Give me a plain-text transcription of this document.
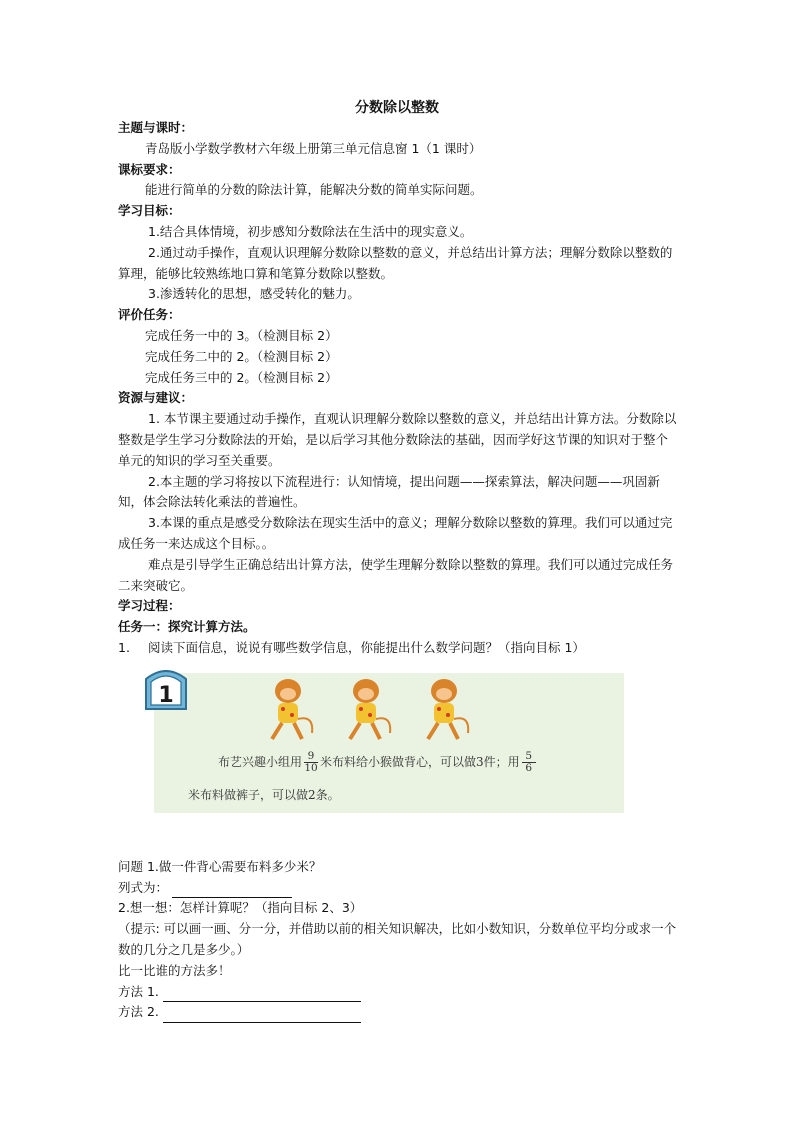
分数除以整数
主题与课时：
青岛版小学数学教材六年级上册第三单元信息窗 1（1 课时）
课标要求：
能进行简单的分数的除法计算，能解决分数的简单实际问题。
学习目标：
1.结合具体情境，初步感知分数除法在生活中的现实意义。
2.通过动手操作，直观认识理解分数除以整数的意义，并总结出计算方法；理解分数除以整数的算理，能够比较熟练地口算和笔算分数除以整数。
3.渗透转化的思想，感受转化的魅力。
评价任务：
完成任务一中的 3。（检测目标 2）
完成任务二中的 2。（检测目标 2）
完成任务三中的 2。（检测目标 2）
资源与建议：
1. 本节课主要通过动手操作，直观认识理解分数除以整数的意义，并总结出计算方法。分数除以整数是学生学习分数除法的开始，是以后学习其他分数除法的基础，因而学好这节课的知识对于整个单元的知识的学习至关重要。
2.本主题的学习将按以下流程进行：认知情境，提出问题——探索算法，解决问题——巩固新知，体会除法转化乘法的普遍性。
3.本课的重点是感受分数除法在现实生活中的意义；理解分数除以整数的算理。我们可以通过完成任务一来达成这个目标。。
难点是引导学生正确总结出计算方法，使学生理解分数除以整数的算理。我们可以通过完成任务二来突破它。
学习过程：
任务一：探究计算方法。
1.	阅读下面信息，说说有哪些数学信息，你能提出什么数学问题？（指向目标 1）
1
布艺兴趣小组用 $\frac{9}{10}$ 米布料给小猴做背心，可以做3件；用 $\frac{5}{6}$
米布料做裤子，可以做2条。
问题 1.做一件背心需要布料多少米？
列式为：
2.想一想：怎样计算呢？（指向目标 2、3）
（提示: 可以画一画、分一分，并借助以前的相关知识解决，比如小数知识，分数单位平均分或求一个数的几分之几是多少。）
比一比谁的方法多！
方法 1.
方法 2.
